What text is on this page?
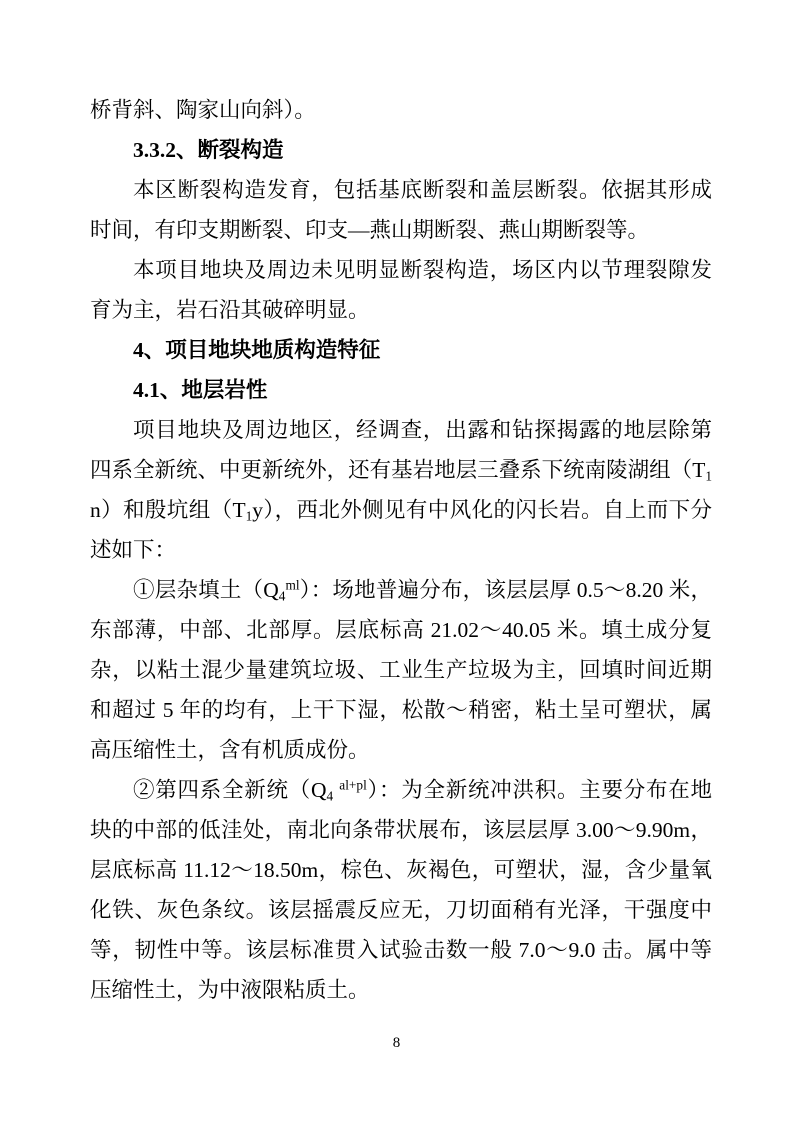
桥背斜、陶家山向斜）。

3.3.2、断裂构造

本区断裂构造发育，包括基底断裂和盖层断裂。依据其形成时间，有印支期断裂、印支—燕山期断裂、燕山期断裂等。

本项目地块及周边未见明显断裂构造，场区内以节理裂隙发育为主，岩石沿其破碎明显。

4、项目地块地质构造特征

4.1、地层岩性

项目地块及周边地区，经调查，出露和钻探揭露的地层除第四系全新统、中更新统外，还有基岩地层三叠系下统南陵湖组$(T_1n)$和殷坑组$(T_1y)$，西北外侧见有中风化的闪长岩。自上而下分述如下：

①层杂填土$(Q_4^{ml})$：场地普遍分布，该层层厚 0.5～8.20 米，东部薄，中部、北部厚。层底标高 21.02～40.05 米。填土成分复杂，以粘土混少量建筑垃圾、工业生产垃圾为主，回填时间近期和超过 5 年的均有，上干下湿，松散～稍密，粘土呈可塑状，属高压缩性土，含有机质成份。

②第四系全新统（$Q_4$ $^{al+pl}$）：为全新统冲洪积。主要分布在地块的中部的低洼处，南北向条带状展布，该层层厚 3.00～9.90m，层底标高 11.12～18.50m，棕色、灰褐色，可塑状，湿，含少量氧化铁、灰色条纹。该层摇震反应无，刀切面稍有光泽，干强度中等，韧性中等。该层标准贯入试验击数一般 7.0～9.0 击。属中等压缩性土，为中液限粘质土。

8
